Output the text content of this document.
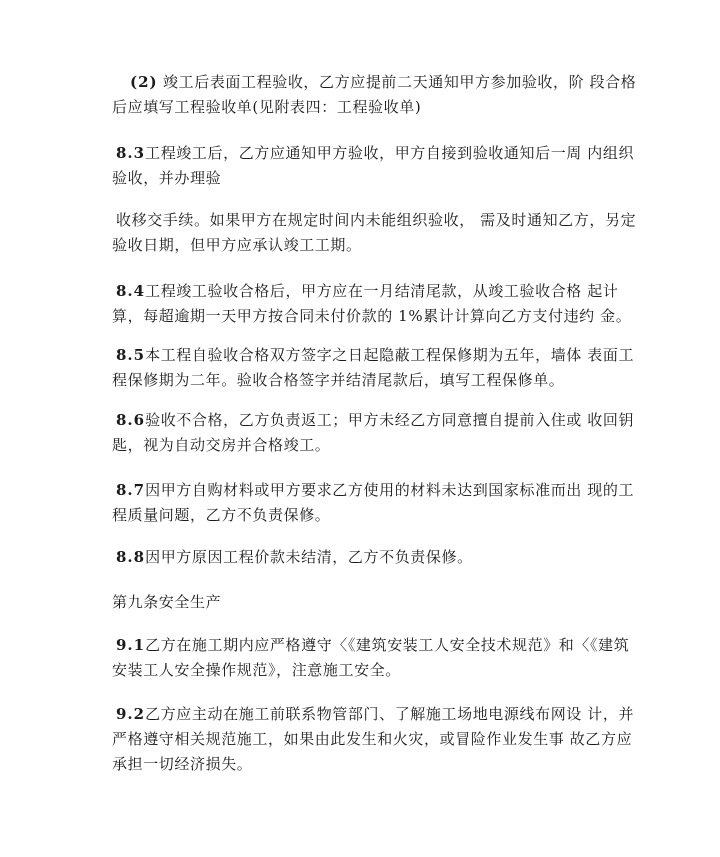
(2) 竣工后表面工程验收，乙方应提前二天通知甲方参加验收，阶 段合格后应填写工程验收单(见附表四：工程验收单)

8.3工程竣工后，乙方应通知甲方验收，甲方自接到验收通知后一周 内组织验收，并办理验

收移交手续。如果甲方在规定时间内未能组织验收， 需及时通知乙方，另定验收日期，但甲方应承认竣工工期。

8.4工程竣工验收合格后，甲方应在一月结清尾款，从竣工验收合格 起计算，每超逾期一天甲方按合同未付价款的 1%累计计算向乙方支付违约 金。

8.5本工程自验收合格双方签字之日起隐蔽工程保修期为五年，墙体 表面工程保修期为二年。验收合格签字并结清尾款后，填写工程保修单。

8.6验收不合格，乙方负责返工；甲方未经乙方同意擅自提前入住或 收回钥匙，视为自动交房并合格竣工。

8.7因甲方自购材料或甲方要求乙方使用的材料未达到国家标准而出 现的工程质量问题，乙方不负责保修。

8.8因甲方原因工程价款未结清，乙方不负责保修。

第九条安全生产

9.1乙方在施工期内应严格遵守〈《建筑安装工人安全技术规范》和〈《建筑安装工人安全操作规范》，注意施工安全。

9.2乙方应主动在施工前联系物管部门、了解施工场地电源线布网设 计，并严格遵守相关规范施工，如果由此发生和火灾，或冒险作业发生事 故乙方应承担一切经济损失。
